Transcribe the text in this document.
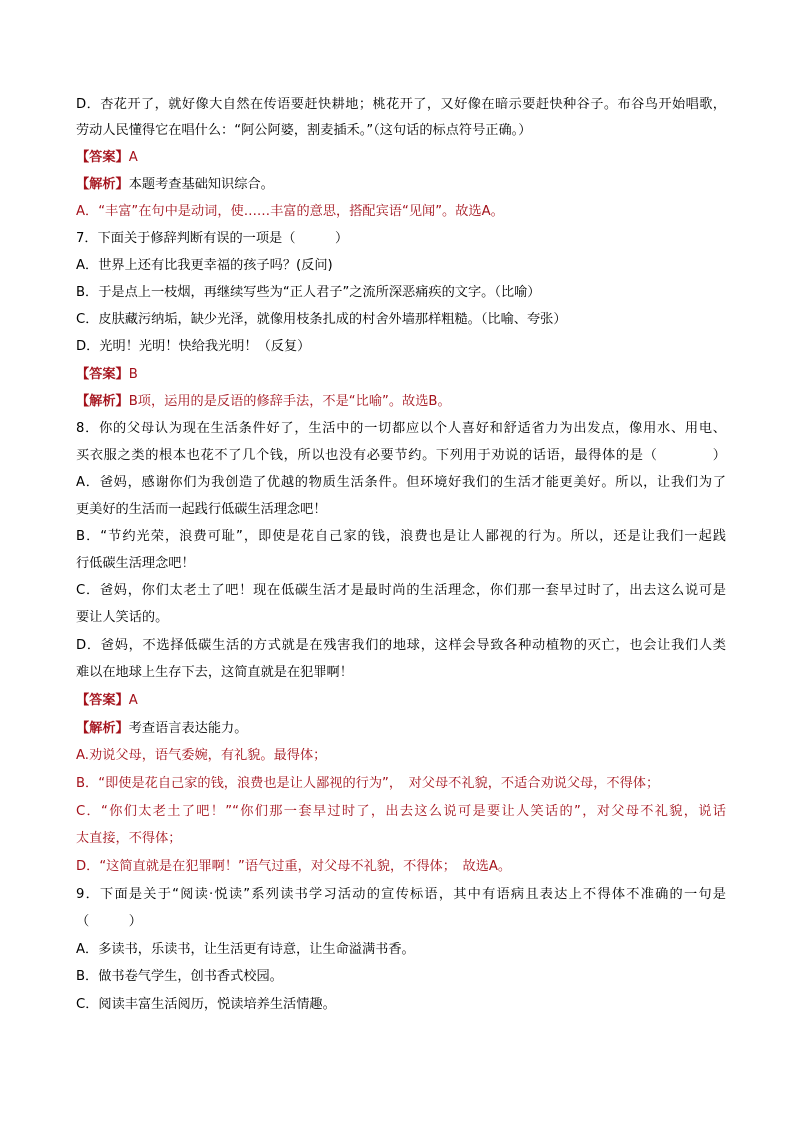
D．杏花开了，就好像大自然在传语要赶快耕地；桃花开了，又好像在暗示要赶快种谷子。布谷鸟开始唱歌，
劳动人民懂得它在唱什么：“阿公阿婆，割麦插禾。”（这句话的标点符号正确。）
【答案】A
【解析】本题考查基础知识综合。
A．“丰富”在句中是动词，使……丰富的意思，搭配宾语“见闻”。故选A。
7．下面关于修辞判断有误的一项是（　　　）
A．世界上还有比我更幸福的孩子吗？(反问)
B．于是点上一枝烟，再继续写些为“正人君子”之流所深恶痛疾的文字。（比喻）
C．皮肤藏污纳垢，缺少光泽，就像用枝条扎成的村舍外墙那样粗糙。（比喻、夸张）
D．光明！光明！快给我光明！（反复）
【答案】B
【解析】B项，运用的是反语的修辞手法，不是“比喻”。故选B。
8．你的父母认为现在生活条件好了，生活中的一切都应以个人喜好和舒适省力为出发点，像用水、用电、
买衣服之类的根本也花不了几个钱，所以也没有必要节约。下列用于劝说的话语，最得体的是（　　　　）
A．爸妈，感谢你们为我创造了优越的物质生活条件。但环境好我们的生活才能更美好。所以，让我们为了
更美好的生活而一起践行低碳生活理念吧！
B．“节约光荣，浪费可耻”，即使是花自己家的钱，浪费也是让人鄙视的行为。所以，还是让我们一起践
行低碳生活理念吧！
C．爸妈，你们太老土了吧！现在低碳生活才是最时尚的生活理念，你们那一套早过时了，出去这么说可是
要让人笑话的。
D．爸妈，不选择低碳生活的方式就是在残害我们的地球，这样会导致各种动植物的灭亡，也会让我们人类
难以在地球上生存下去，这简直就是在犯罪啊！
【答案】A
【解析】考查语言表达能力。
A.劝说父母，语气委婉，有礼貌。最得体；
B．“即使是花自己家的钱，浪费也是让人鄙视的行为”，　对父母不礼貌，不适合劝说父母，不得体；
C．“你们太老土了吧！”“你们那一套早过时了，出去这么说可是要让人笑话的”，对父母不礼貌，说话
太直接，不得体；
D．“这简直就是在犯罪啊！”语气过重，对父母不礼貌，不得体；　故选A。
9．下面是关于“阅读·悦读”系列读书学习活动的宣传标语，其中有语病且表达上不得体不准确的一句是
（　　　）
A．多读书，乐读书，让生活更有诗意，让生命溢满书香。
B．做书卷气学生，创书香式校园。
C．阅读丰富生活阅历，悦读培养生活情趣。
